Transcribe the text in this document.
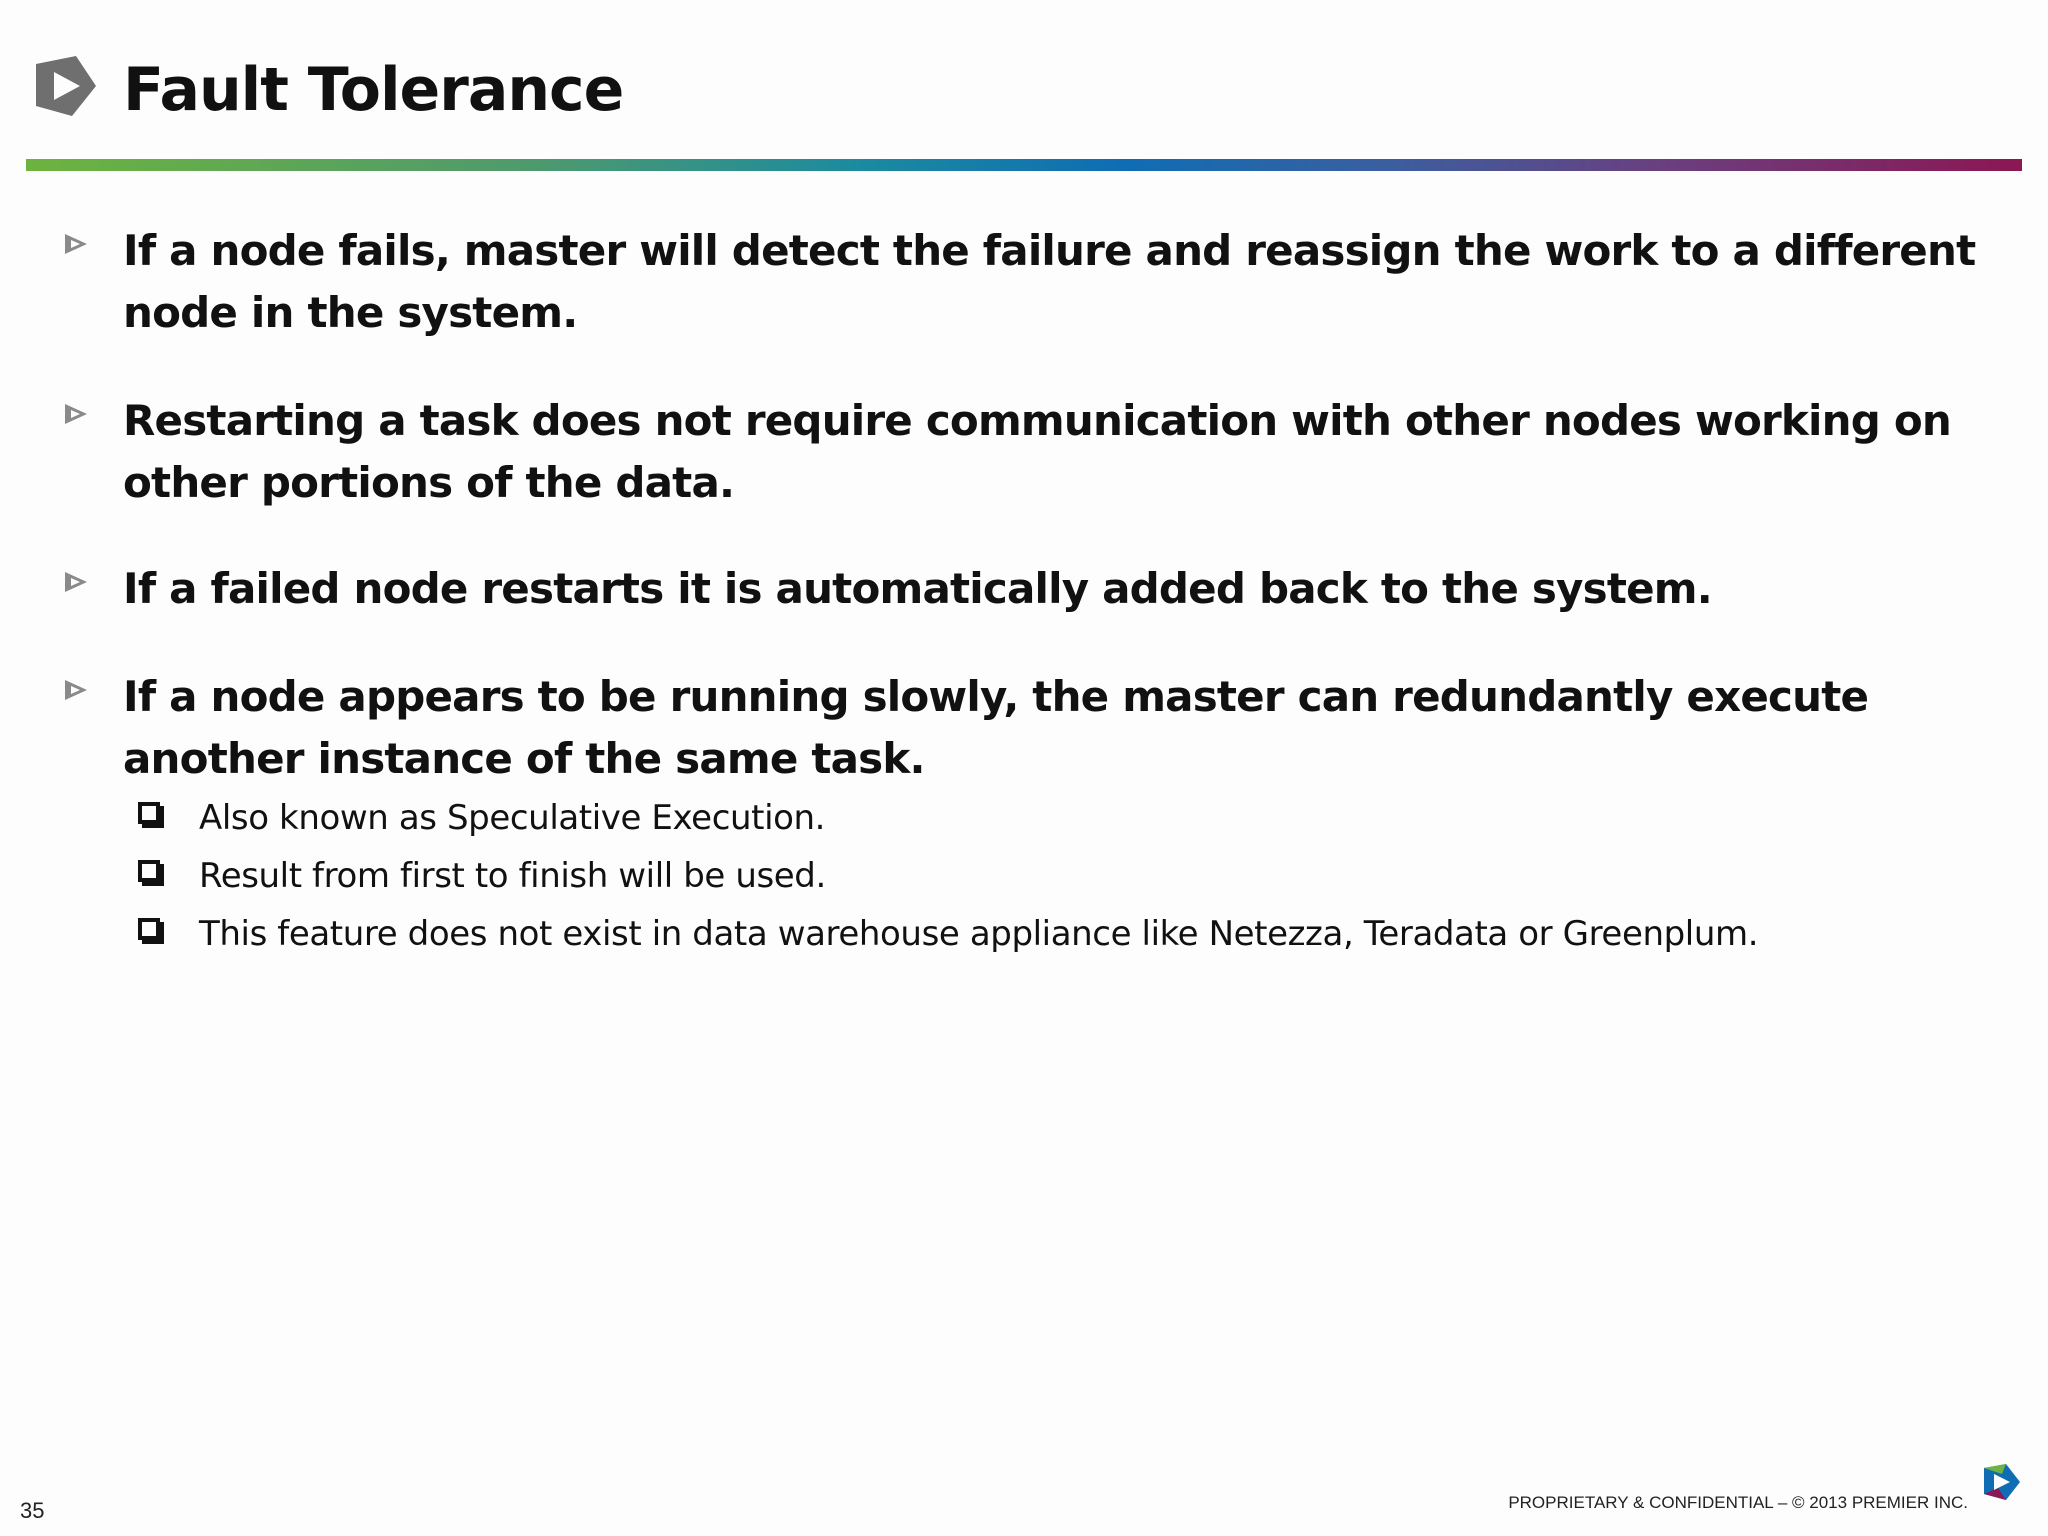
Fault Tolerance
If a node fails, master will detect the failure and reassign the work to a different node in the system.
Restarting a task does not require communication with other nodes working on other portions of the data.
If a failed node restarts it is automatically added back to the system.
If a node appears to be running slowly, the master can redundantly execute another instance of the same task.
Also known as Speculative Execution.
Result from first to finish will be used.
This feature does not exist in data warehouse appliance like Netezza, Teradata or Greenplum.
35	PROPRIETARY & CONFIDENTIAL – © 2013 PREMIER INC.
